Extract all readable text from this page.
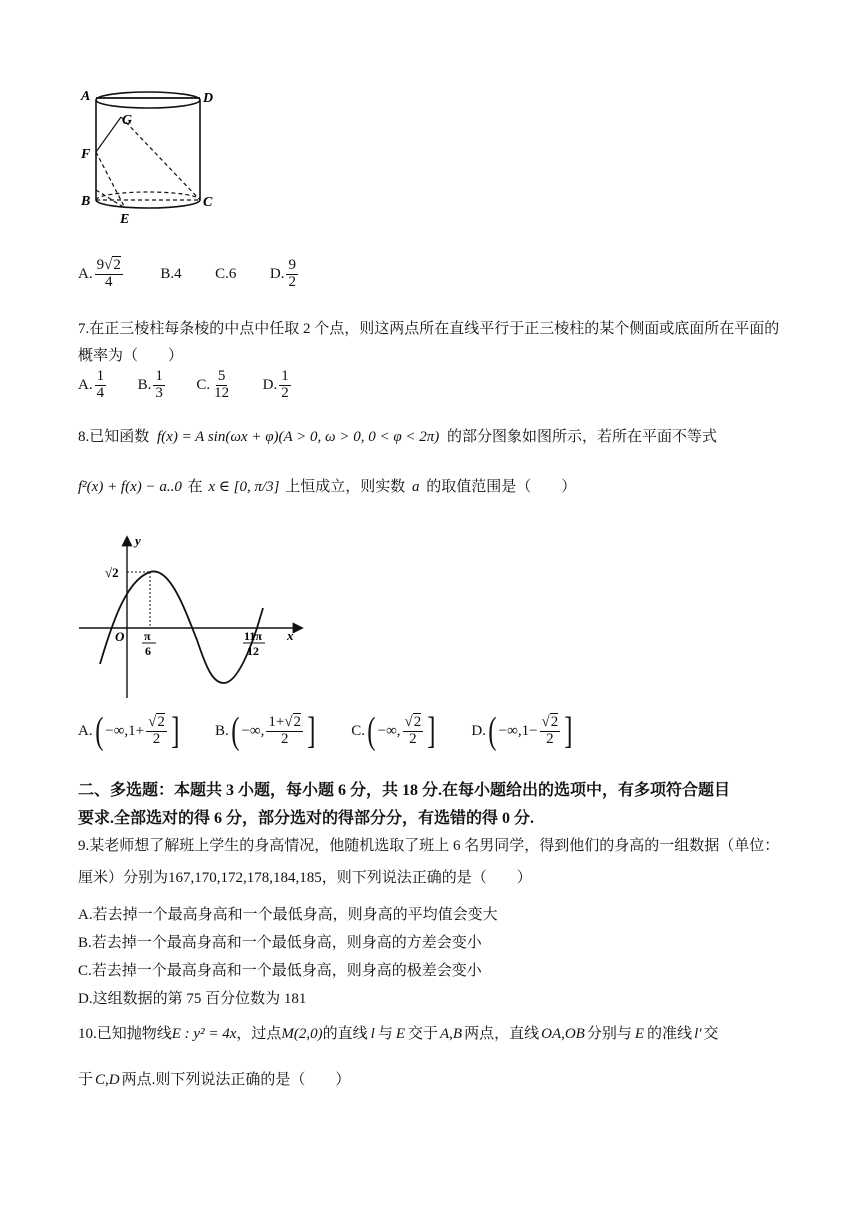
A	D
G
F
B	C
E
A. $\frac{9√2}{4}$	B.4 C.6 D. $\frac{9}{2}$
7.在正三棱柱每条棱的中点中任取 2 个点，则这两点所在直线平行于正三棱柱的某个侧面或底面所在平面的
概率为（　　）
A. $\frac{1}{4}$
B. $\frac{1}{3}$
C. $\frac{5}{12}$
D. $\frac{1}{2}$
8.已知函数 f(x) = A sin(ωx + φ)(A > 0, ω > 0, 0 < φ < 2π) 的部分图象如图所示，若所在平面不等式
f²(x) + f(x) − a..0 在 x ∈ [0, π/3] 上恒成立，则实数 a 的取值范围是（　　）
y
x
O
√2
π
6
11π
12
A. ( $-\infty,1+ \frac{√2}{2}$ ]
B. ( −∞, $\frac{1+√2}{2}$ ]
C. ( −∞, $\frac{√2}{2}$ ]
D. ( $-\infty,1- \frac{√2}{2}$ ]
二、多选题：本题共 3 小题，每小题 6 分，共 18 分.在每小题给出的选项中，有多项符合题目
要求.全部选对的得 6 分，部分选对的得部分分，有选错的得 0 分.
9.某老师想了解班上学生的身高情况，他随机选取了班上 6 名男同学，得到他们的身高的一组数据（单位：
厘米）分别为167,170,172,178,184,185，则下列说法正确的是（　　）
A.若去掉一个最高身高和一个最低身高，则身高的平均值会变大
B.若去掉一个最高身高和一个最低身高，则身高的方差会变小
C.若去掉一个最高身高和一个最低身高，则身高的极差会变小
D.这组数据的第 75 百分位数为 181
10.已知抛物线E : y² = 4x，过点M(2,0)的直线 l 与 E 交于 A,B 两点，直线 OA,OB 分别与 E 的准线 l′ 交
于 C,D 两点.则下列说法正确的是（　　）
